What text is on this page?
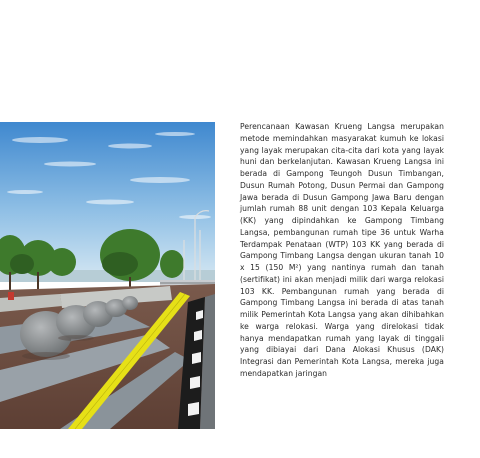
Perencanaan Kawasan Krueng Langsa merupakan metode memindahkan masyarakat kumuh ke lokasi yang layak merupakan cita-cita dari kota yang layak huni dan berkelanjutan. Kawasan Krueng Langsa ini berada di Gampong Teungoh Dusun Timbangan, Dusun Rumah Potong, Dusun Permai dan Gampong Jawa berada di Dusun Gampong Jawa Baru dengan jumlah rumah 88 unit dengan 103 Kepala Keluarga (KK) yang dipindahkan ke Gampong Timbang Langsa, pembangunan rumah tipe 36 untuk Warha Terdampak Penataan (WTP) 103 KK yang berada di Gampong Timbang Langsa dengan ukuran tanah 10 x 15 (150 M²) yang nantinya rumah dan tanah (sertifikat) ini akan menjadi milik dari warga relokasi 103 KK. Pembangunan rumah yang berada di Gampong Timbang Langsa ini berada di atas tanah milik Pemerintah Kota Langsa yang akan dihibahkan ke warga relokasi. Warga yang direlokasi tidak hanya mendapatkan rumah yang layak di tinggali yang dibiayai dari Dana Alokasi Khusus (DAK) Integrasi dan Pemerintah Kota Langsa, mereka juga mendapatkan jaringan
